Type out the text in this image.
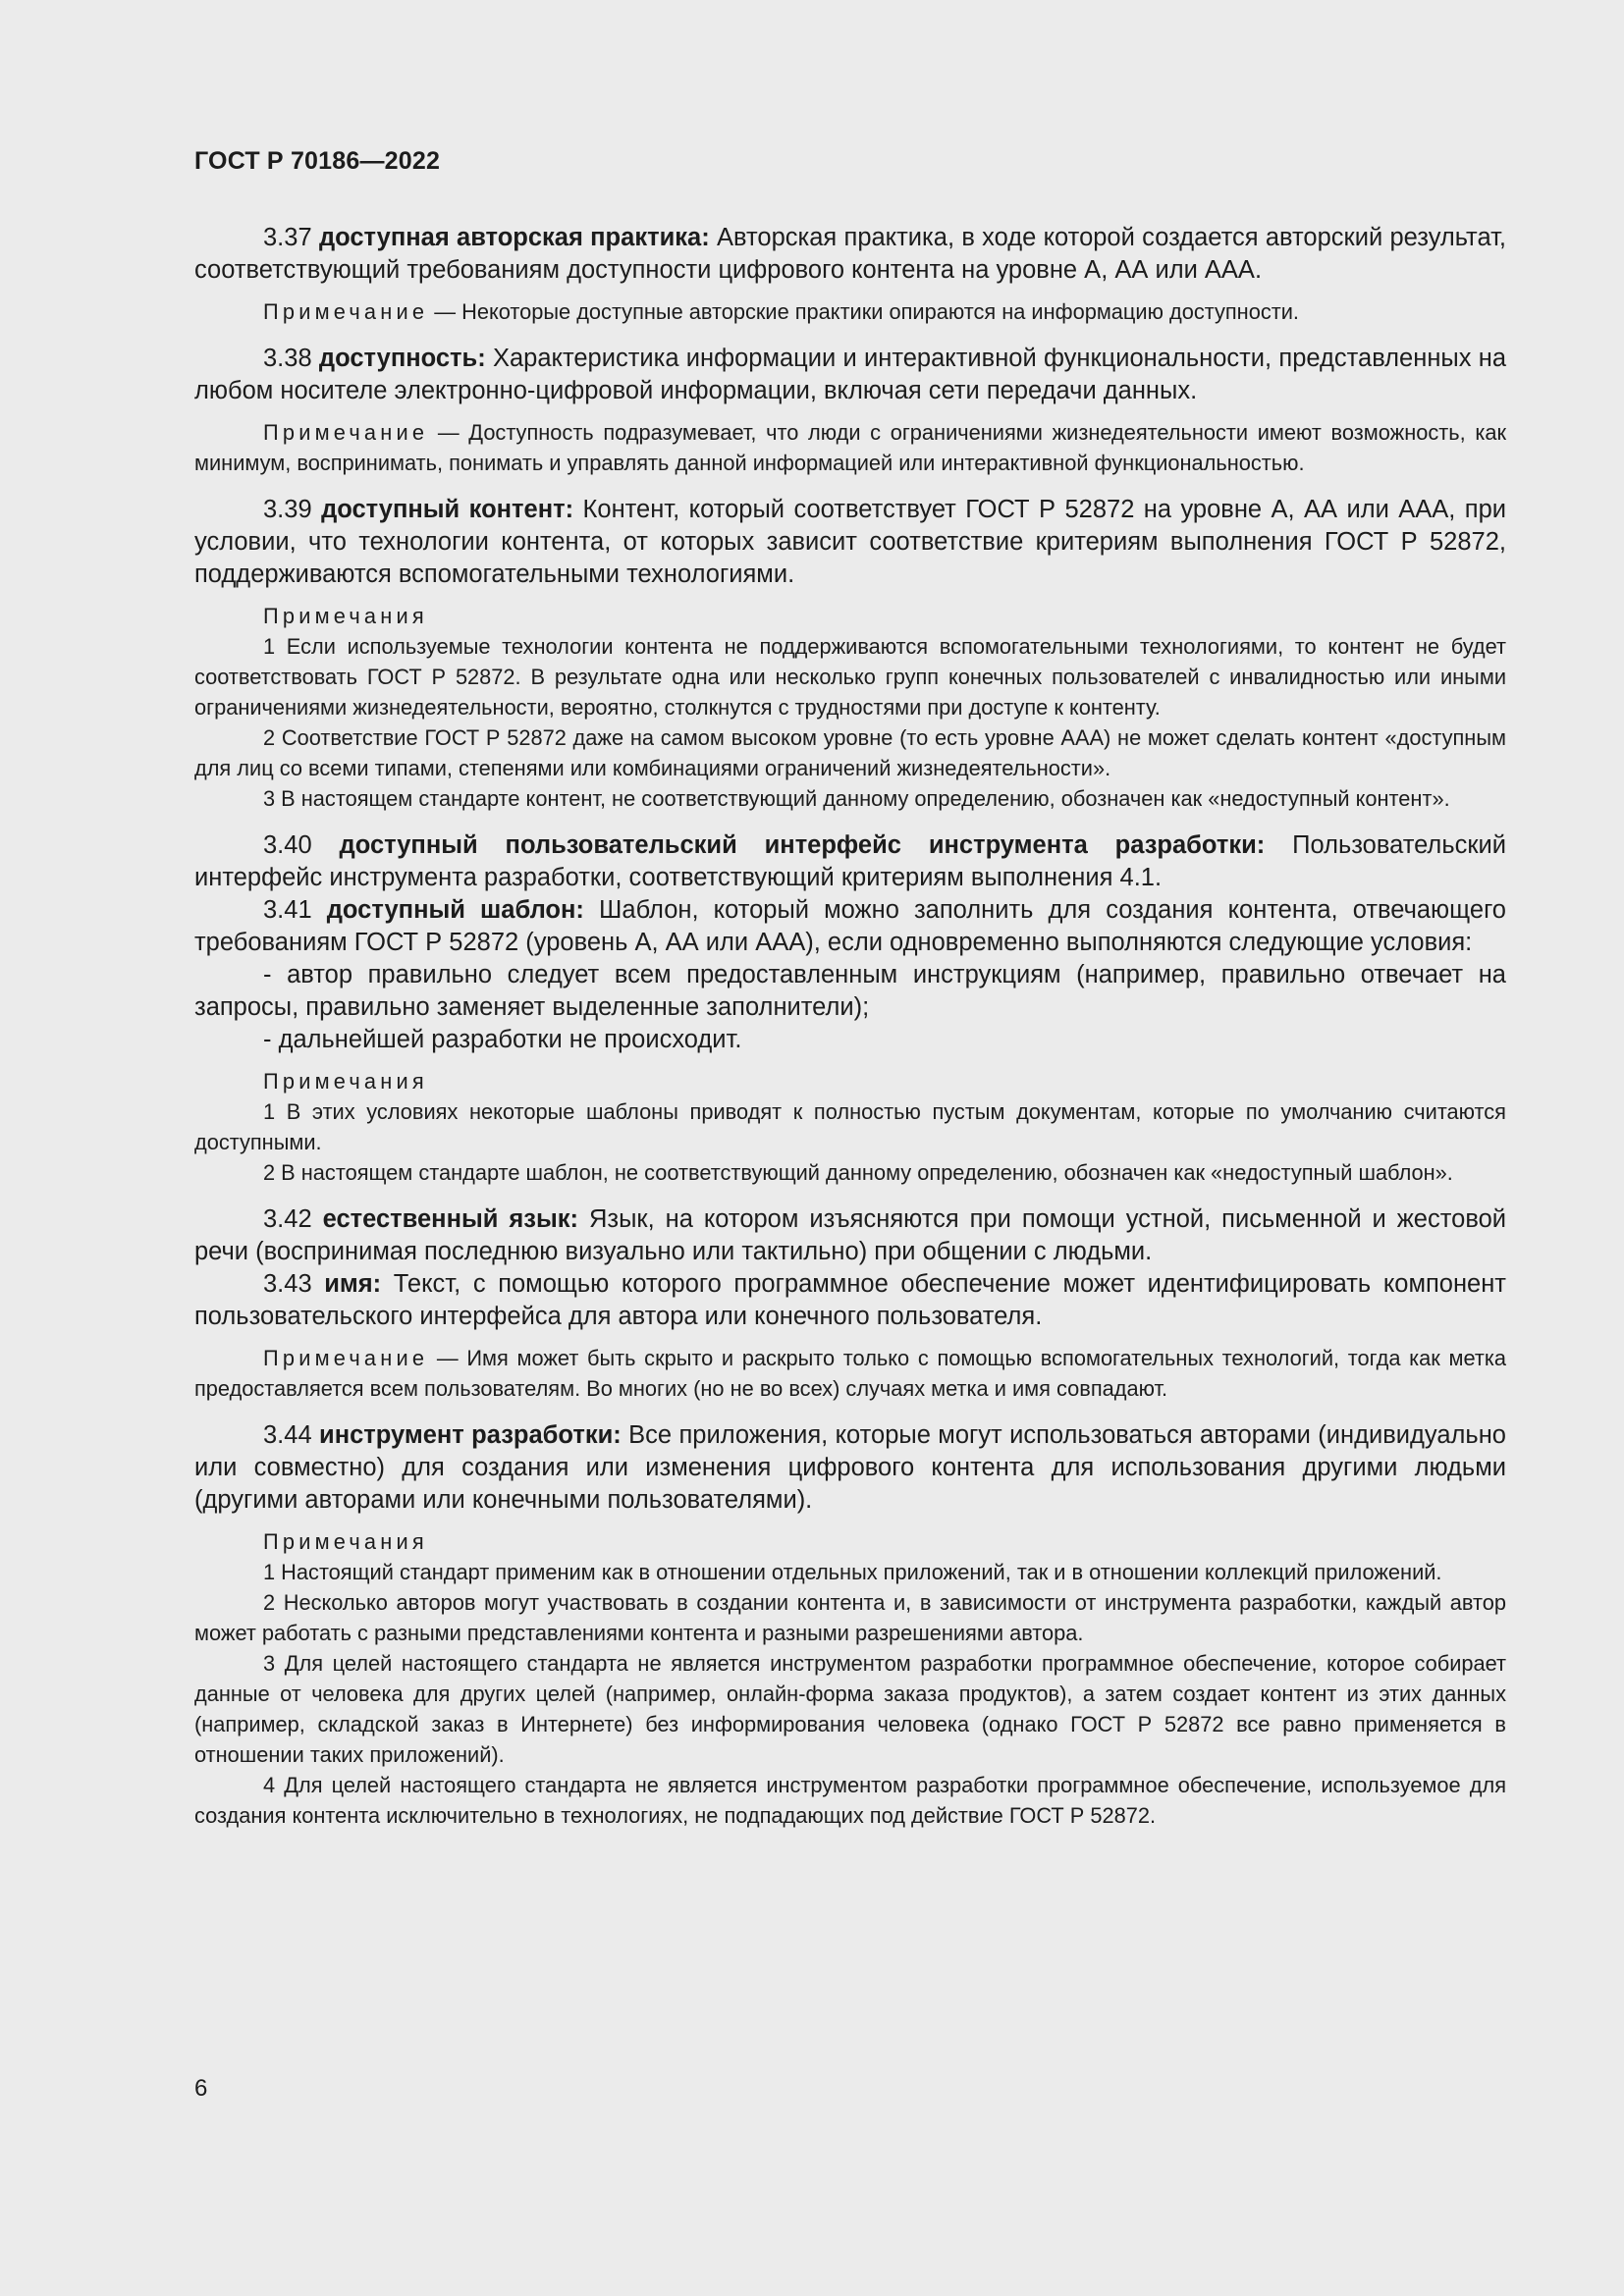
ГОСТ Р 70186—2022

3.37 доступная авторская практика: Авторская практика, в ходе которой создается авторский результат, соответствующий требованиям доступности цифрового контента на уровне А, АА или ААА.

Примечание — Некоторые доступные авторские практики опираются на информацию доступности.

3.38 доступность: Характеристика информации и интерактивной функциональности, представленных на любом носителе электронно-цифровой информации, включая сети передачи данных.

Примечание — Доступность подразумевает, что люди с ограничениями жизнедеятельности имеют возможность, как минимум, воспринимать, понимать и управлять данной информацией или интерактивной функциональностью.

3.39 доступный контент: Контент, который соответствует ГОСТ Р 52872 на уровне А, АА или ААА, при условии, что технологии контента, от которых зависит соответствие критериям выполнения ГОСТ Р 52872, поддерживаются вспомогательными технологиями.

Примечания

1 Если используемые технологии контента не поддерживаются вспомогательными технологиями, то контент не будет соответствовать ГОСТ Р 52872. В результате одна или несколько групп конечных пользователей с инвалидностью или иными ограничениями жизнедеятельности, вероятно, столкнутся с трудностями при доступе к контенту.

2 Соответствие ГОСТ Р 52872 даже на самом высоком уровне (то есть уровне ААА) не может сделать контент «доступным для лиц со всеми типами, степенями или комбинациями ограничений жизнедеятельности».

3 В настоящем стандарте контент, не соответствующий данному определению, обозначен как «недоступный контент».

3.40 доступный пользовательский интерфейс инструмента разработки: Пользовательский интерфейс инструмента разработки, соответствующий критериям выполнения 4.1.

3.41 доступный шаблон: Шаблон, который можно заполнить для создания контента, отвечающего требованиям ГОСТ Р 52872 (уровень А, АА или ААА), если одновременно выполняются следующие условия:

- автор правильно следует всем предоставленным инструкциям (например, правильно отвечает на запросы, правильно заменяет выделенные заполнители);

- дальнейшей разработки не происходит.

Примечания

1 В этих условиях некоторые шаблоны приводят к полностью пустым документам, которые по умолчанию считаются доступными.

2 В настоящем стандарте шаблон, не соответствующий данному определению, обозначен как «недоступный шаблон».

3.42 естественный язык: Язык, на котором изъясняются при помощи устной, письменной и жестовой речи (воспринимая последнюю визуально или тактильно) при общении с людьми.

3.43 имя: Текст, с помощью которого программное обеспечение может идентифицировать компонент пользовательского интерфейса для автора или конечного пользователя.

Примечание — Имя может быть скрыто и раскрыто только с помощью вспомогательных технологий, тогда как метка предоставляется всем пользователям. Во многих (но не во всех) случаях метка и имя совпадают.

3.44 инструмент разработки: Все приложения, которые могут использоваться авторами (индивидуально или совместно) для создания или изменения цифрового контента для использования другими людьми (другими авторами или конечными пользователями).

Примечания

1 Настоящий стандарт применим как в отношении отдельных приложений, так и в отношении коллекций приложений.

2 Несколько авторов могут участвовать в создании контента и, в зависимости от инструмента разработки, каждый автор может работать с разными представлениями контента и разными разрешениями автора.

3 Для целей настоящего стандарта не является инструментом разработки программное обеспечение, которое собирает данные от человека для других целей (например, онлайн-форма заказа продуктов), а затем создает контент из этих данных (например, складской заказ в Интернете) без информирования человека (однако ГОСТ Р 52872 все равно применяется в отношении таких приложений).

4 Для целей настоящего стандарта не является инструментом разработки программное обеспечение, используемое для создания контента исключительно в технологиях, не подпадающих под действие ГОСТ Р 52872.

6
